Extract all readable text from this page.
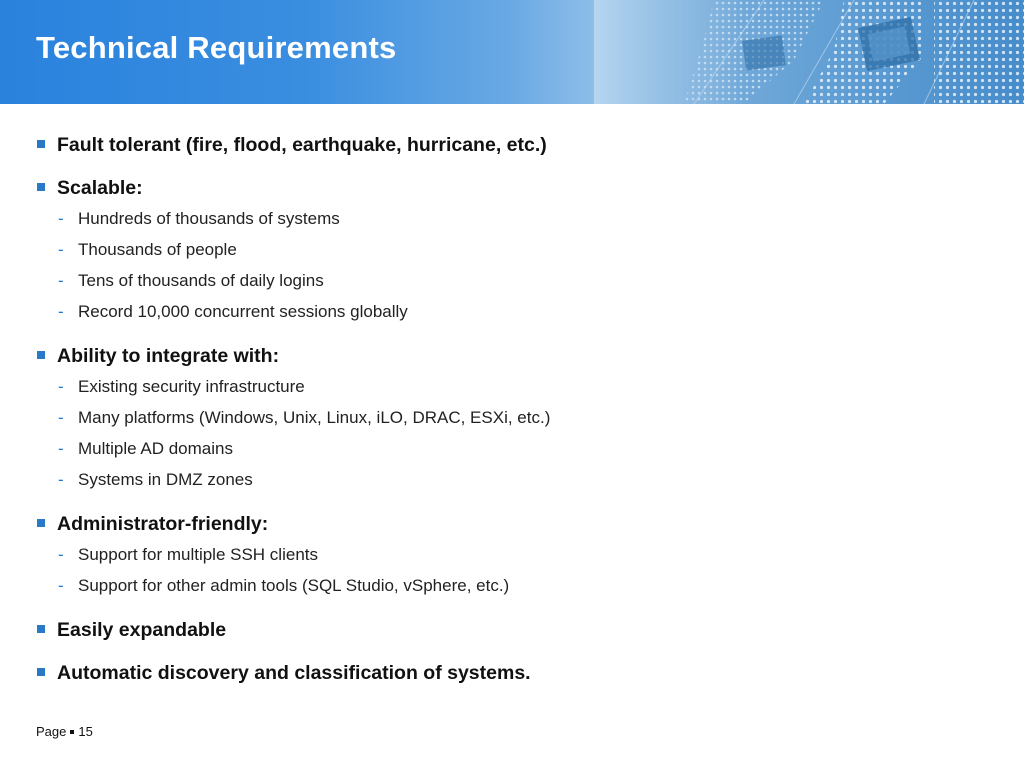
Technical Requirements
Fault tolerant (fire, flood, earthquake, hurricane, etc.)
Scalable:
- Hundreds of thousands of systems
- Thousands of people
- Tens of thousands of daily logins
- Record 10,000 concurrent sessions globally
Ability to integrate with:
- Existing security infrastructure
- Many platforms (Windows, Unix, Linux, iLO, DRAC, ESXi, etc.)
- Multiple AD domains
- Systems in DMZ zones
Administrator-friendly:
- Support for multiple SSH clients
- Support for other admin tools (SQL Studio, vSphere, etc.)
Easily expandable
Automatic discovery and classification of systems.
Page 15
